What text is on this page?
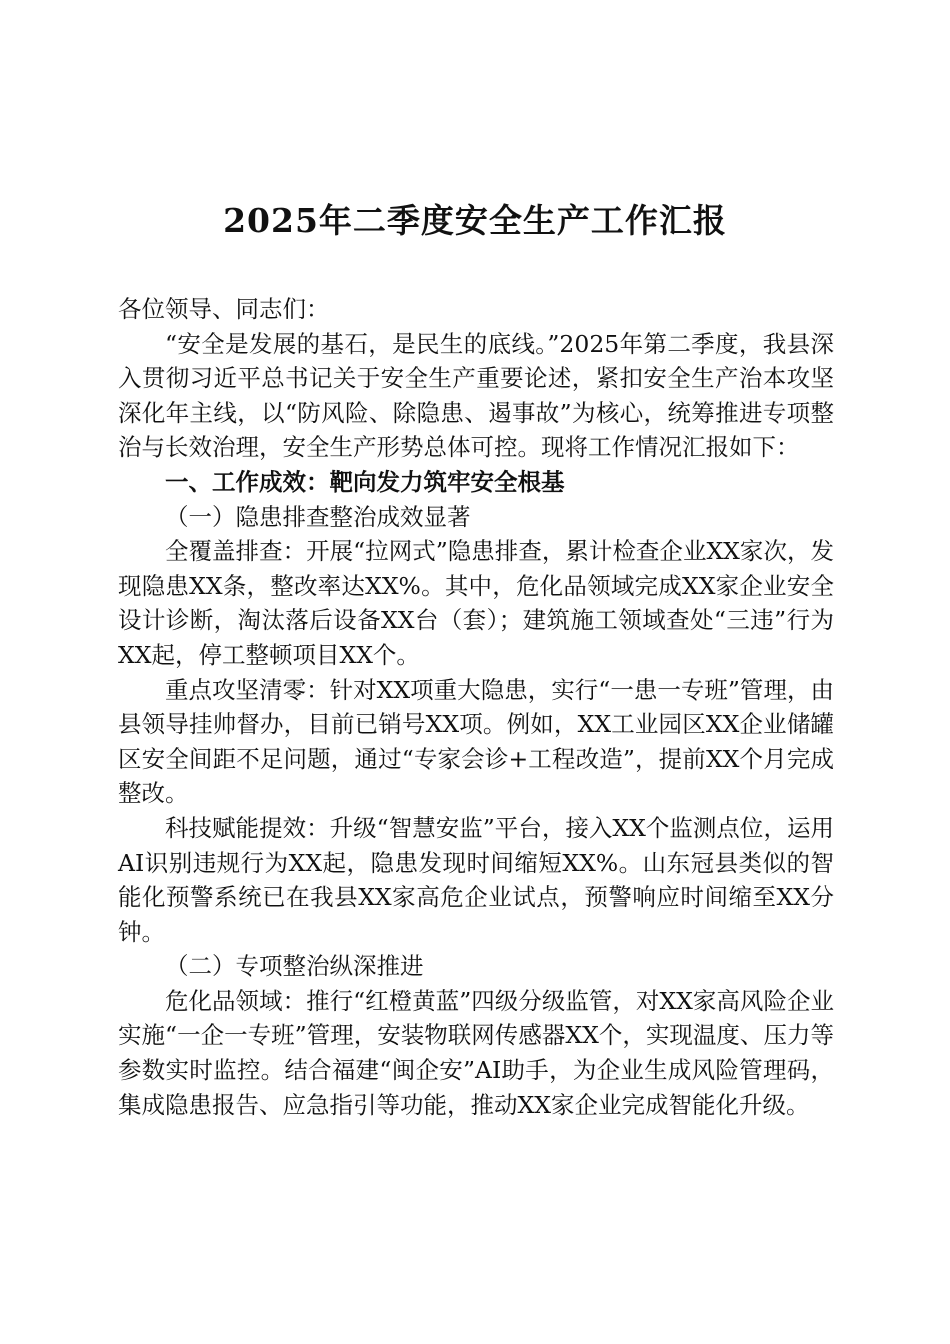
2025年二季度安全生产工作汇报

各位领导、同志们：

“安全是发展的基石，是民生的底线。”2025年第二季度，我县深入贯彻习近平总书记关于安全生产重要论述，紧扣安全生产治本攻坚深化年主线，以“防风险、除隐患、遏事故”为核心，统筹推进专项整治与长效治理，安全生产形势总体可控。现将工作情况汇报如下：

一、工作成效：靶向发力筑牢安全根基

（一）隐患排查整治成效显著

全覆盖排查：开展“拉网式”隐患排查，累计检查企业XX家次，发现隐患XX条，整改率达XX%。其中，危化品领域完成XX家企业安全设计诊断，淘汰落后设备XX台（套）；建筑施工领域查处“三违”行为XX起，停工整顿项目XX个。

重点攻坚清零：针对XX项重大隐患，实行“一患一专班”管理，由县领导挂帅督办，目前已销号XX项。例如，XX工业园区XX企业储罐区安全间距不足问题，通过“专家会诊+工程改造”，提前XX个月完成整改。

科技赋能提效：升级“智慧安监”平台，接入XX个监测点位，运用AI识别违规行为XX起，隐患发现时间缩短XX%。山东冠县类似的智能化预警系统已在我县XX家高危企业试点，预警响应时间缩至XX分钟。

（二）专项整治纵深推进

危化品领域：推行“红橙黄蓝”四级分级监管，对XX家高风险企业实施“一企一专班”管理，安装物联网传感器XX个，实现温度、压力等参数实时监控。结合福建“闽企安”AI助手，为企业生成风险管理码，集成隐患报告、应急指引等功能，推动XX家企业完成智能化升级。
